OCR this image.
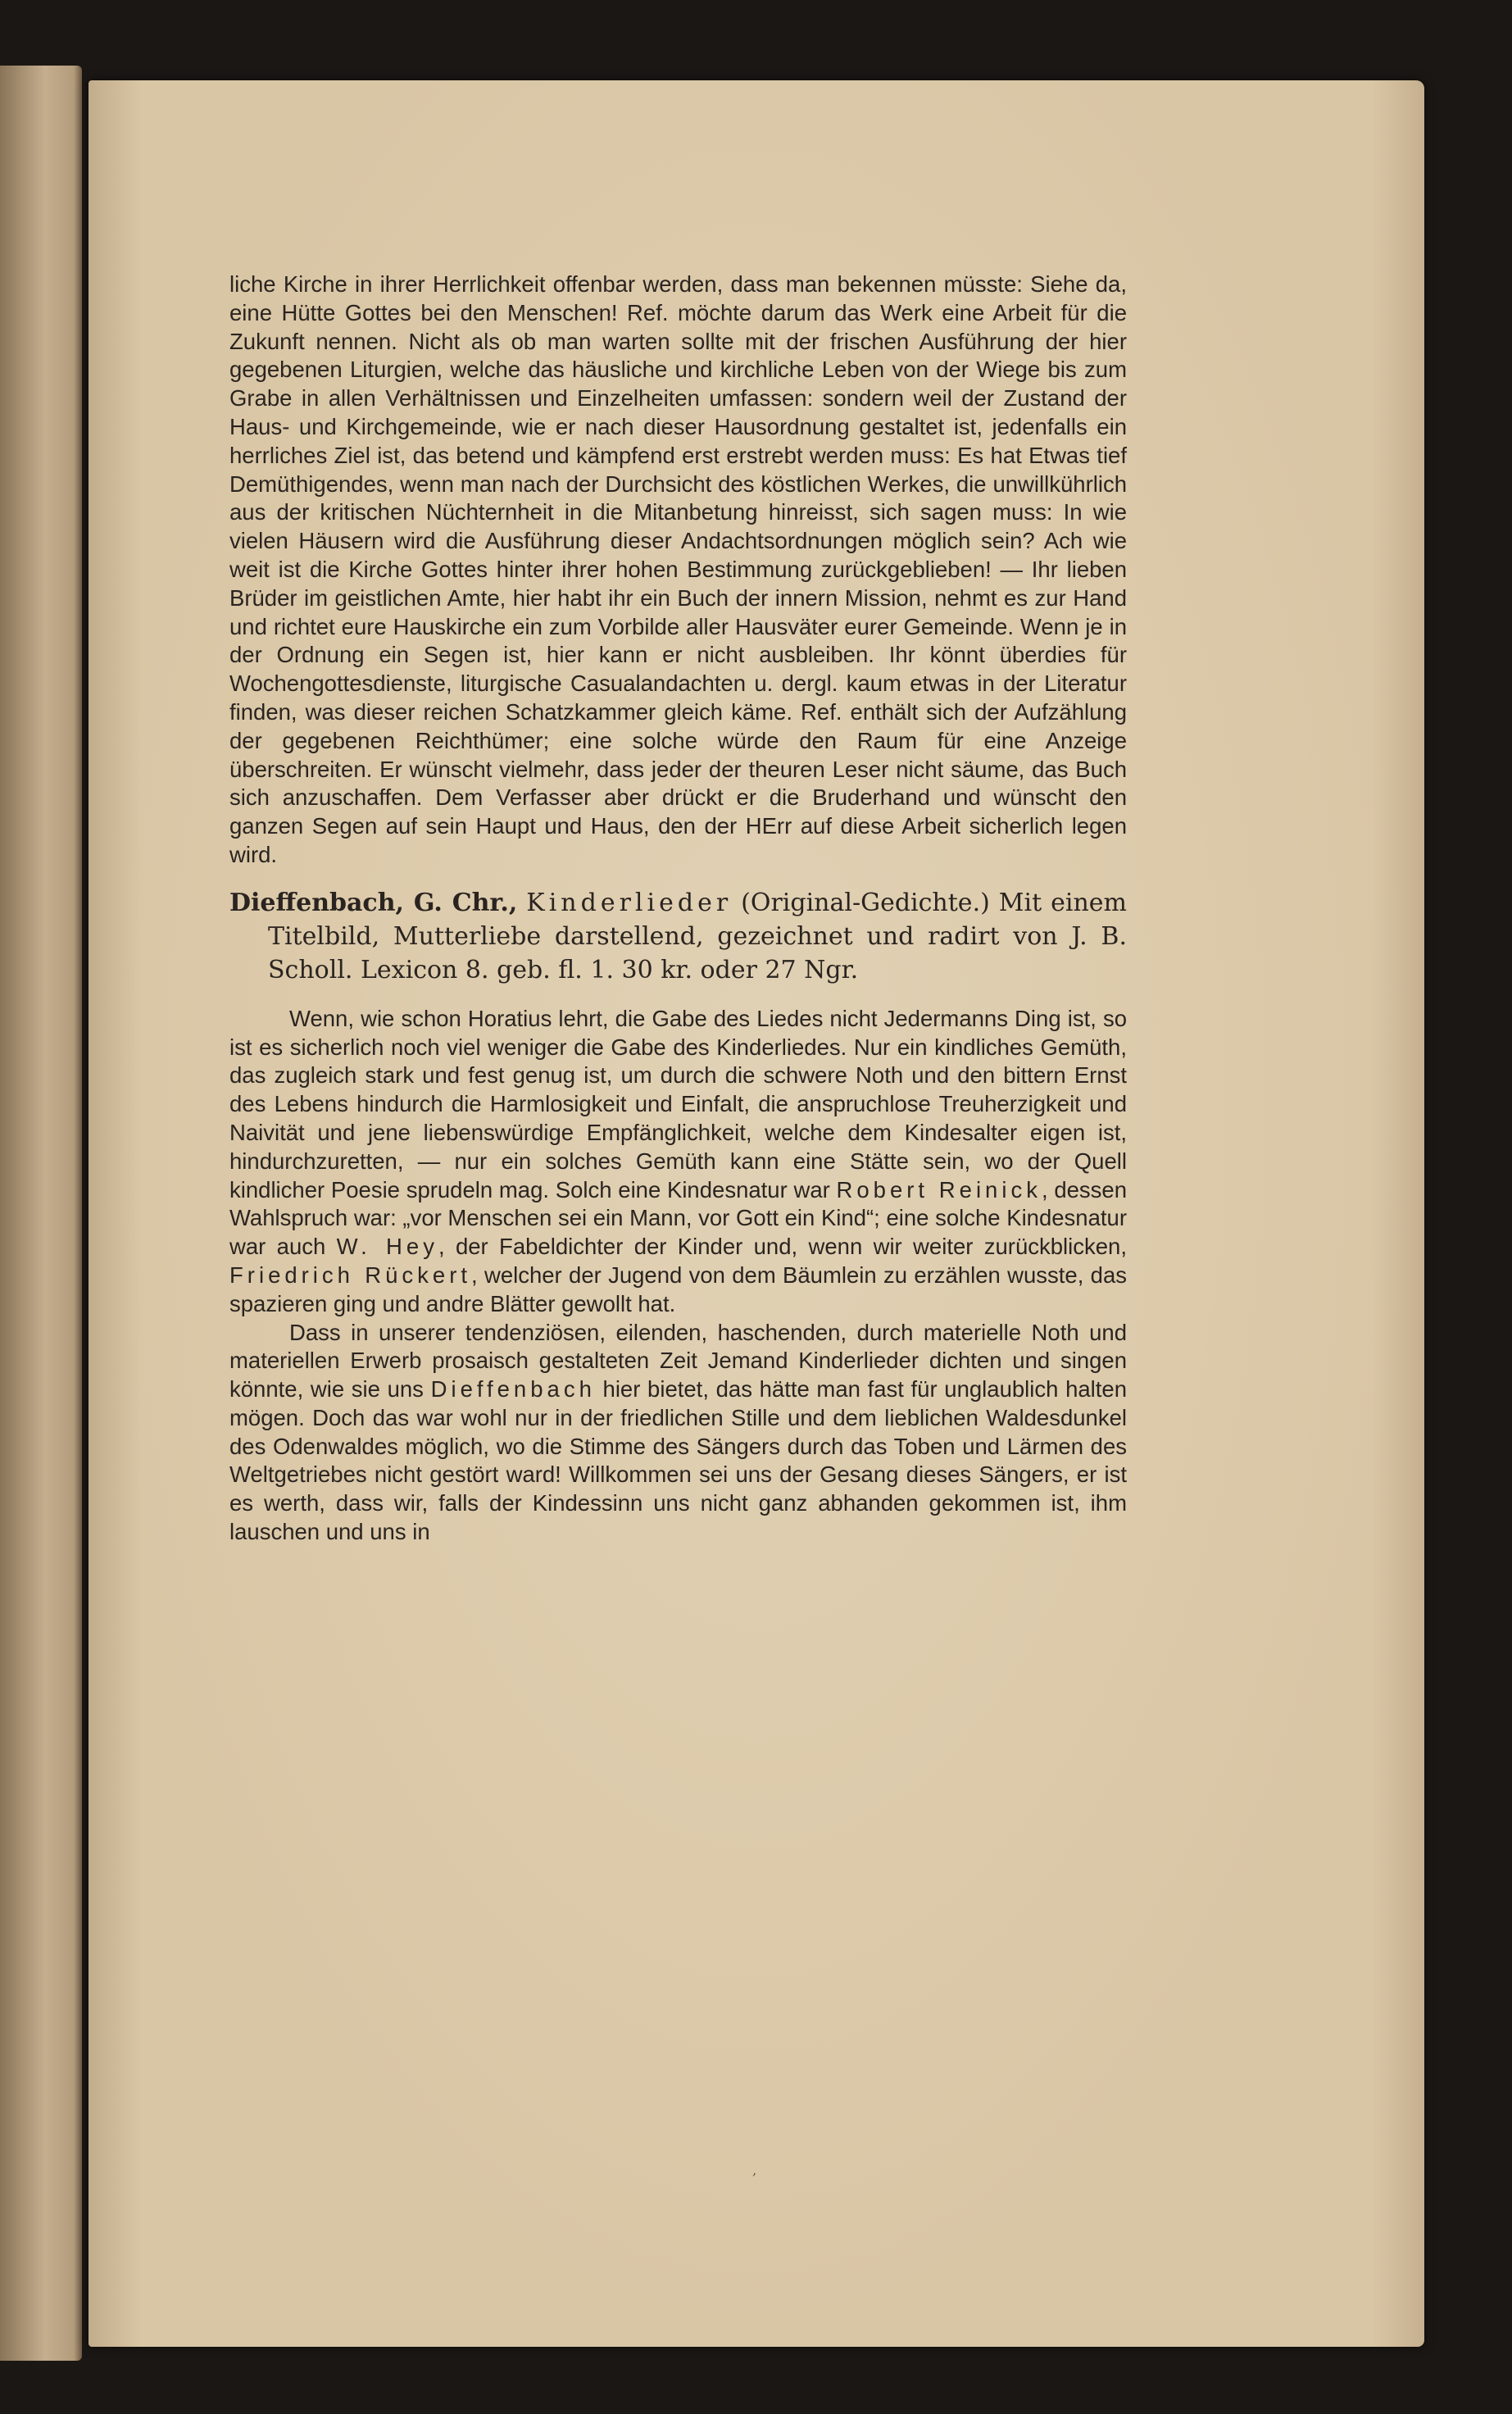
liche Kirche in ihrer Herrlichkeit offenbar werden, dass man bekennen müsste: Siehe da, eine Hütte Gottes bei den Menschen! Ref. möchte darum das Werk eine Arbeit für die Zukunft nennen. Nicht als ob man warten sollte mit der frischen Ausführung der hier gegebenen Liturgien, welche das häusliche und kirchliche Leben von der Wiege bis zum Grabe in allen Verhältnissen und Einzelheiten umfassen: sondern weil der Zustand der Haus- und Kirchgemeinde, wie er nach dieser Hausordnung gestaltet ist, jedenfalls ein herrliches Ziel ist, das betend und kämpfend erst erstrebt werden muss: Es hat Etwas tief Demüthigendes, wenn man nach der Durchsicht des köstlichen Werkes, die unwillkührlich aus der kritischen Nüchternheit in die Mitanbetung hinreisst, sich sagen muss: In wie vielen Häusern wird die Ausführung dieser Andachtsordnungen möglich sein? Ach wie weit ist die Kirche Gottes hinter ihrer hohen Bestimmung zurückgeblieben! — Ihr lieben Brüder im geistlichen Amte, hier habt ihr ein Buch der innern Mission, nehmt es zur Hand und richtet eure Hauskirche ein zum Vorbilde aller Hausväter eurer Gemeinde. Wenn je in der Ordnung ein Segen ist, hier kann er nicht ausbleiben. Ihr könnt überdies für Wochengottesdienste, liturgische Casualandachten u. dergl. kaum etwas in der Literatur finden, was dieser reichen Schatzkammer gleich käme. Ref. enthält sich der Aufzählung der gegebenen Reichthümer; eine solche würde den Raum für eine Anzeige überschreiten. Er wünscht vielmehr, dass jeder der theuren Leser nicht säume, das Buch sich anzuschaffen. Dem Verfasser aber drückt er die Bruderhand und wünscht den ganzen Segen auf sein Haupt und Haus, den der HErr auf diese Arbeit sicherlich legen wird.

Dieffenbach, G. Chr., Kinderlieder (Original-Gedichte.) Mit einem Titelbild, Mutterliebe darstellend, gezeichnet und radirt von J. B. Scholl. Lexicon 8. geb. fl. 1. 30 kr. oder 27 Ngr.

Wenn, wie schon Horatius lehrt, die Gabe des Liedes nicht Jedermanns Ding ist, so ist es sicherlich noch viel weniger die Gabe des Kinderliedes. Nur ein kindliches Gemüth, das zugleich stark und fest genug ist, um durch die schwere Noth und den bittern Ernst des Lebens hindurch die Harmlosigkeit und Einfalt, die anspruchlose Treuherzigkeit und Naivität und jene liebenswürdige Empfänglichkeit, welche dem Kindesalter eigen ist, hindurchzuretten, — nur ein solches Gemüth kann eine Stätte sein, wo der Quell kindlicher Poesie sprudeln mag. Solch eine Kindesnatur war Robert Reinick, dessen Wahlspruch war: „vor Menschen sei ein Mann, vor Gott ein Kind“; eine solche Kindesnatur war auch W. Hey, der Fabeldichter der Kinder und, wenn wir weiter zurückblicken, Friedrich Rückert, welcher der Jugend von dem Bäumlein zu erzählen wusste, das spazieren ging und andre Blätter gewollt hat.

Dass in unserer tendenziösen, eilenden, haschenden, durch materielle Noth und materiellen Erwerb prosaisch gestalteten Zeit Jemand Kinderlieder dichten und singen könnte, wie sie uns Dieffenbach hier bietet, das hätte man fast für unglaublich halten mögen. Doch das war wohl nur in der friedlichen Stille und dem lieblichen Waldesdunkel des Odenwaldes möglich, wo die Stimme des Sängers durch das Toben und Lärmen des Weltgetriebes nicht gestört ward! Willkommen sei uns der Gesang dieses Sängers, er ist es werth, dass wir, falls der Kindessinn uns nicht ganz abhanden gekommen ist, ihm lauschen und uns in

‚
